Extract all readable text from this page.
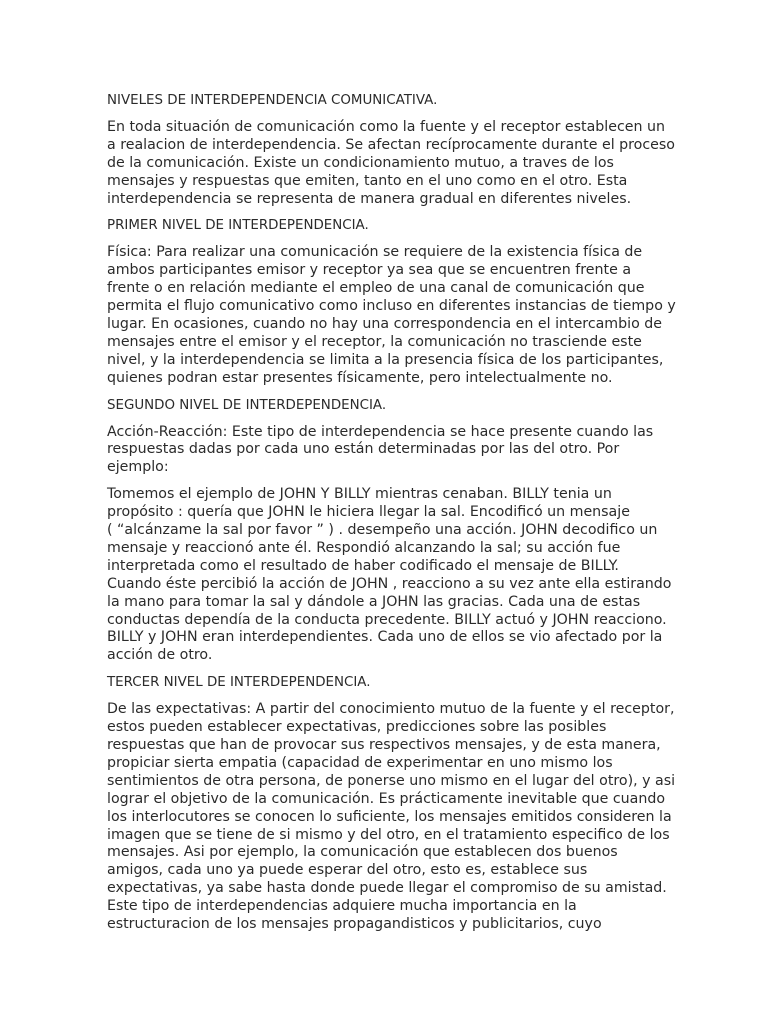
NIVELES DE INTERDEPENDENCIA COMUNICATIVA.
En toda situación de comunicación como la fuente y el receptor establecen un
a realacion de interdependencia. Se afectan recíprocamente durante el proceso
de la comunicación. Existe un condicionamiento mutuo, a traves de los
mensajes y respuestas que emiten, tanto en el uno como en el otro. Esta
interdependencia se representa de manera gradual en diferentes niveles.
PRIMER NIVEL DE INTERDEPENDENCIA.
Física: Para realizar una comunicación se requiere de la existencia física de
ambos participantes emisor y receptor ya sea que se encuentren frente a
frente o en relación mediante el empleo de una canal de comunicación que
permita el flujo comunicativo como incluso en diferentes instancias de tiempo y
lugar. En ocasiones, cuando no hay una correspondencia en el intercambio de
mensajes entre el emisor y el receptor, la comunicación no trasciende este
nivel, y la interdependencia se limita a la presencia física de los participantes,
quienes podran estar presentes físicamente, pero intelectualmente no.
SEGUNDO NIVEL DE INTERDEPENDENCIA.
Acción-Reacción: Este tipo de interdependencia se hace presente cuando las
respuestas dadas por cada uno están determinadas por las del otro. Por
ejemplo:
Tomemos el ejemplo de JOHN Y BILLY mientras cenaban. BILLY tenia un
propósito : quería que JOHN le hiciera llegar la sal. Encodificó un mensaje
( “alcánzame la sal por favor ” ) . desempeño una acción. JOHN decodifico un
mensaje y reaccionó ante él. Respondió alcanzando la sal; su acción fue
interpretada como el resultado de haber codificado el mensaje de BILLY.
Cuando éste percibió la acción de JOHN , reacciono a su vez ante ella estirando
la mano para tomar la sal y dándole a JOHN las gracias. Cada una de estas
conductas dependía de la conducta precedente. BILLY actuó y JOHN reacciono.
BILLY y JOHN eran interdependientes. Cada uno de ellos se vio afectado por la
acción de otro.
TERCER NIVEL DE INTERDEPENDENCIA.
De las expectativas: A partir del conocimiento mutuo de la fuente y el receptor,
estos pueden establecer expectativas, predicciones sobre las posibles
respuestas que han de provocar sus respectivos mensajes, y de esta manera,
propiciar sierta empatia (capacidad de experimentar en uno mismo los
sentimientos de otra persona, de ponerse uno mismo en el lugar del otro), y asi
lograr el objetivo de la comunicación. Es prácticamente inevitable que cuando
los interlocutores se conocen lo suficiente, los mensajes emitidos consideren la
imagen que se tiene de si mismo y del otro, en el tratamiento especifico de los
mensajes. Asi por ejemplo, la comunicación que establecen dos buenos
amigos, cada uno ya puede esperar del otro, esto es, establece sus
expectativas, ya sabe hasta donde puede llegar el compromiso de su amistad.
Este tipo de interdependencias adquiere mucha importancia en la
estructuracion de los mensajes propagandisticos y publicitarios, cuyo
